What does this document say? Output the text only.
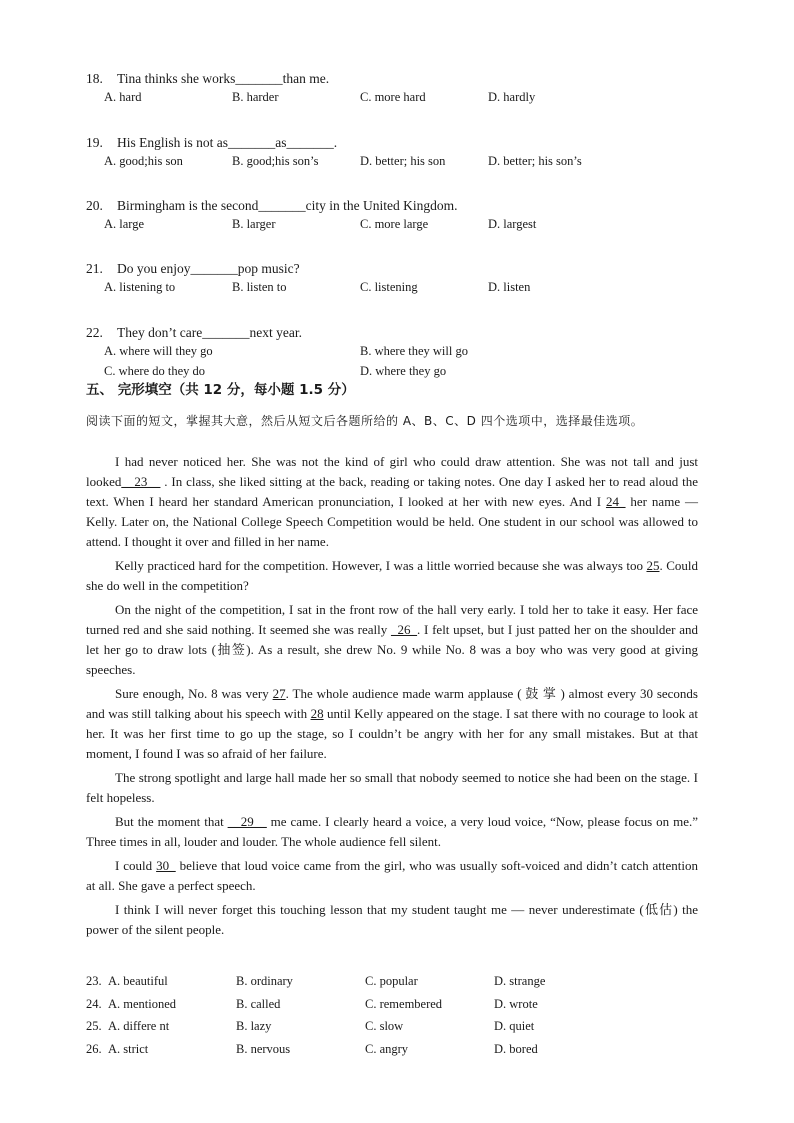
18. Tina thinks she works_______than me.
A. hard	B. harder	C. more hard	D. hardly
19. His English is not as_______as_______.
A. good;his son	B. good;his son’s	D. better; his son	D. better; his son’s
20. Birmingham is the second_______city in the United Kingdom.
A. large	B. larger	C. more large	D. largest
21. Do you enjoy_______pop music?
A. listening to	B. listen to	C. listening	D. listen
22. They don’t care_______next year.
A. where will they go	B. where they will go
C. where do they do	D. where they go
五、 完形填空（共 12 分，每小题 1.5 分）
阅读下面的短文，掌握其大意，然后从短文后各题所给的 A、B、C、D 四个选项中，选择最佳选项。

I had never noticed her. She was not the kind of girl who could draw attention. She was not tall and just looked__23__ . In class, she liked sitting at the back, reading or taking notes. One day I asked her to read aloud the text. When I heard her standard American pronunciation, I looked at her with new eyes. And I 24_ her name — Kelly. Later on, the National College Speech Competition would be held. One student in our school was allowed to attend. I thought it over and filled in her name.

Kelly practiced hard for the competition. However, I was a little worried because she was always too 25. Could she do well in the competition?

On the night of the competition, I sat in the front row of the hall very early. I told her to take it easy. Her face turned red and she said nothing. It seemed she was really _26_. I felt upset, but I just patted her on the shoulder and let her go to draw lots (抽签). As a result, she drew No. 9 while No. 8 was a boy who was very good at giving speeches.

Sure enough, No. 8 was very 27. The whole audience made warm applause ( 鼓 掌 ) almost every 30 seconds and was still talking about his speech with 28 until Kelly appeared on the stage. I sat there with no courage to look at her. It was her first time to go up the stage, so I couldn’t be angry with her for any small mistakes. But at that moment, I found I was so afraid of her failure.

The strong spotlight and large hall made her so small that nobody seemed to notice she had been on the stage. I felt hopeless.

But the moment that __29__ me came. I clearly heard a voice, a very loud voice, “Now, please focus on me.” Three times in all, louder and louder. The whole audience fell silent.

I could 30_ believe that loud voice came from the girl, who was usually soft-voiced and didn’t catch attention at all. She gave a perfect speech.

I think I will never forget this touching lesson that my student taught me — never underestimate (低估) the power of the silent people.

23. A. beautiful	B. ordinary	C. popular	D. strange
24. A. mentioned	B. called	C. remembered	D. wrote
25. A. differe nt	B. lazy	C. slow	D. quiet
26. A. strict	B. nervous	C. angry	D. bored
